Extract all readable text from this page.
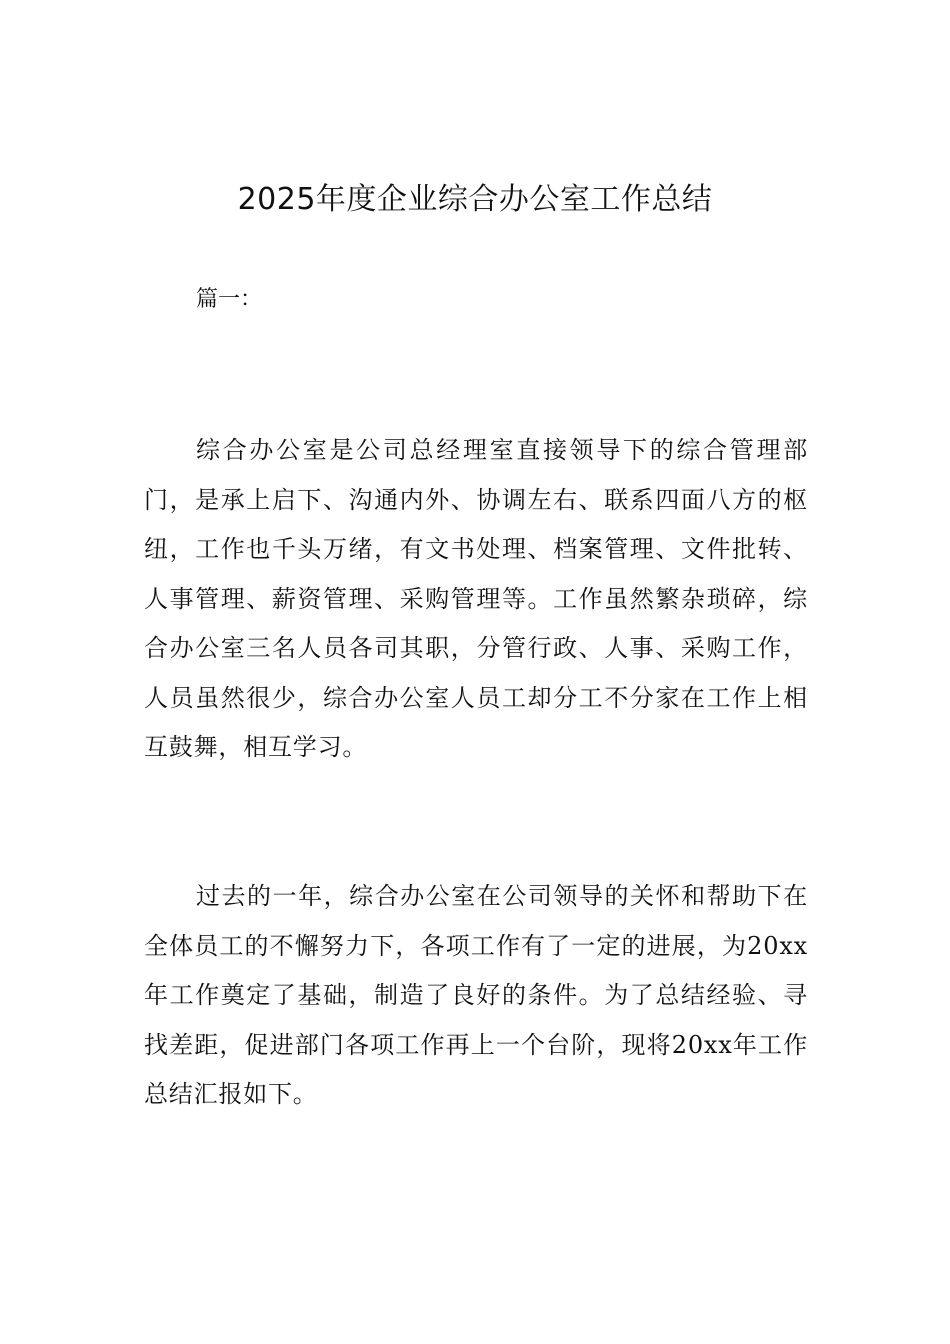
2025年度企业综合办公室工作总结

篇一：

综合办公室是公司总经理室直接领导下的综合管理部门，是承上启下、沟通内外、协调左右、联系四面八方的枢纽，工作也千头万绪，有文书处理、档案管理、文件批转、人事管理、薪资管理、采购管理等。工作虽然繁杂琐碎，综合办公室三名人员各司其职，分管行政、人事、采购工作，人员虽然很少，综合办公室人员工却分工不分家在工作上相互鼓舞，相互学习。

过去的一年，综合办公室在公司领导的关怀和帮助下在全体员工的不懈努力下，各项工作有了一定的进展，为20xx年工作奠定了基础，制造了良好的条件。为了总结经验、寻找差距，促进部门各项工作再上一个台阶，现将20xx年工作总结汇报如下。
